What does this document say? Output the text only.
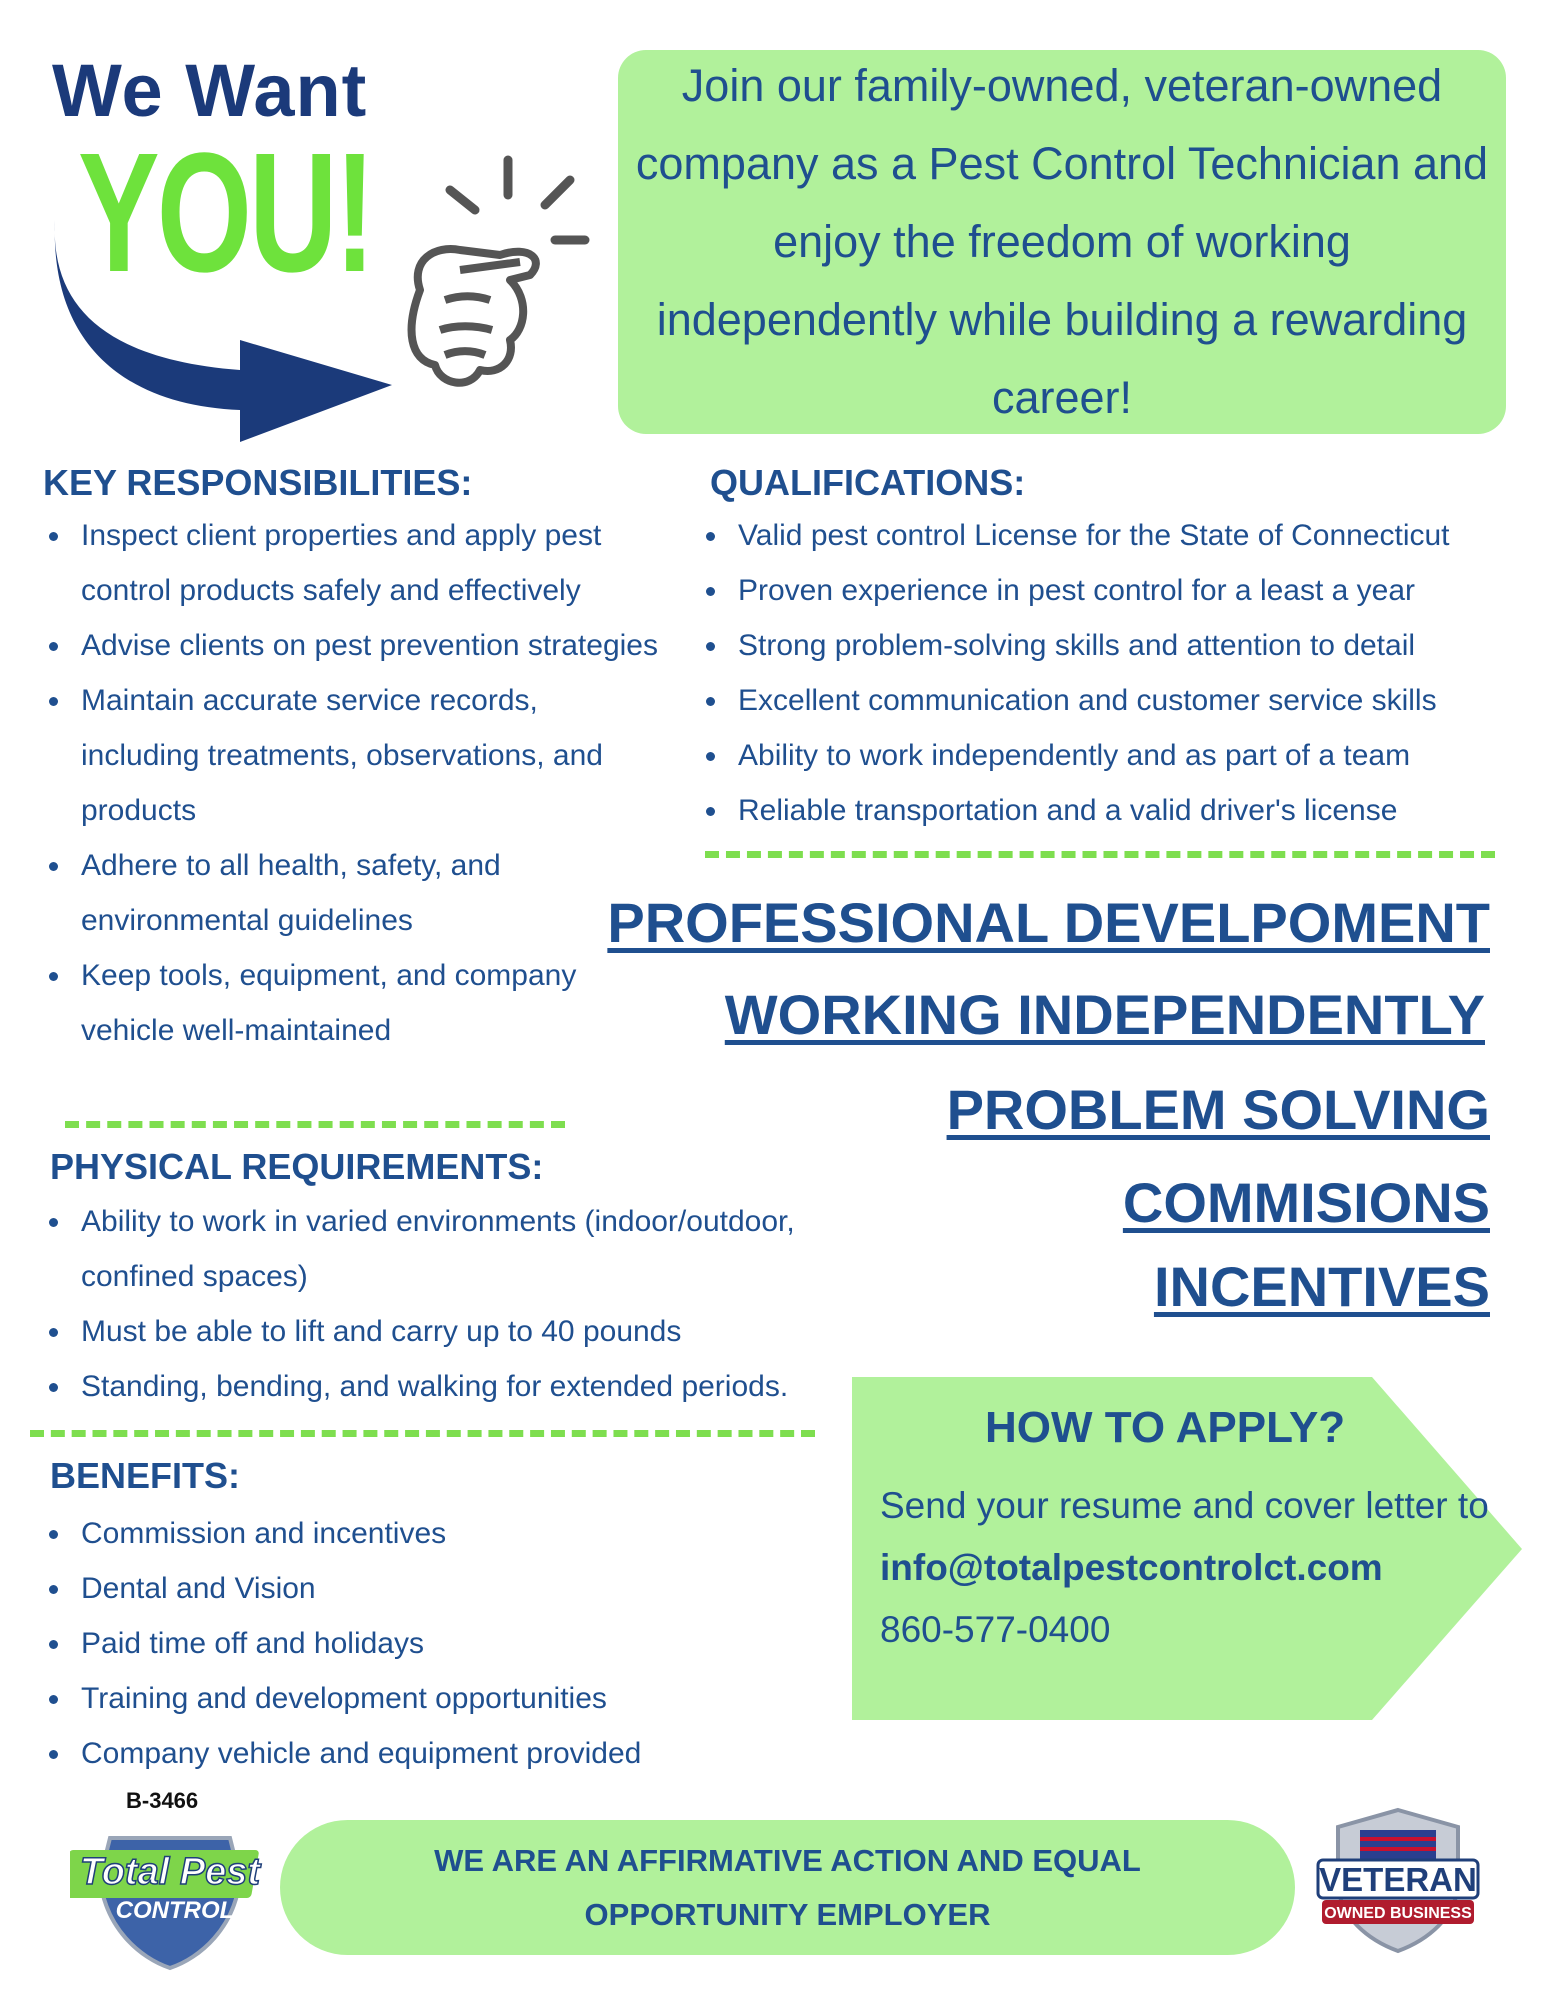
We Want
YOU!
Join our family-owned, veteran-owned company as a Pest Control Technician and enjoy the freedom of working independently while building a rewarding career!
KEY RESPONSIBILITIES:
Inspect client properties and apply pest control products safely and effectively
Advise clients on pest prevention strategies
Maintain accurate service records, including treatments, observations, and products
Adhere to all health, safety, and environmental guidelines
Keep tools, equipment, and company vehicle well-maintained
QUALIFICATIONS:
Valid pest control License for the State of Connecticut
Proven experience in pest control for a least a year
Strong problem-solving skills and attention to detail
Excellent communication and customer service skills
Ability to work independently and as part of a team
Reliable transportation and a valid driver's license
PROFESSIONAL DEVELPOMENT
WORKING INDEPENDENTLY
PROBLEM SOLVING
COMMISIONS
INCENTIVES
PHYSICAL REQUIREMENTS:
Ability to work in varied environments (indoor/outdoor, confined spaces)
Must be able to lift and carry up to 40 pounds
Standing, bending, and walking for extended periods.
BENEFITS:
Commission and incentives
Dental and Vision
Paid time off and holidays
Training and development opportunities
Company vehicle and equipment provided
HOW TO APPLY?
Send your resume and cover letter to
info@totalpestcontrolct.com
860-577-0400
B-3466
Total Pest
CONTROL
WE ARE AN AFFIRMATIVE ACTION AND EQUAL
OPPORTUNITY EMPLOYER
VETERAN
OWNED BUSINESS
